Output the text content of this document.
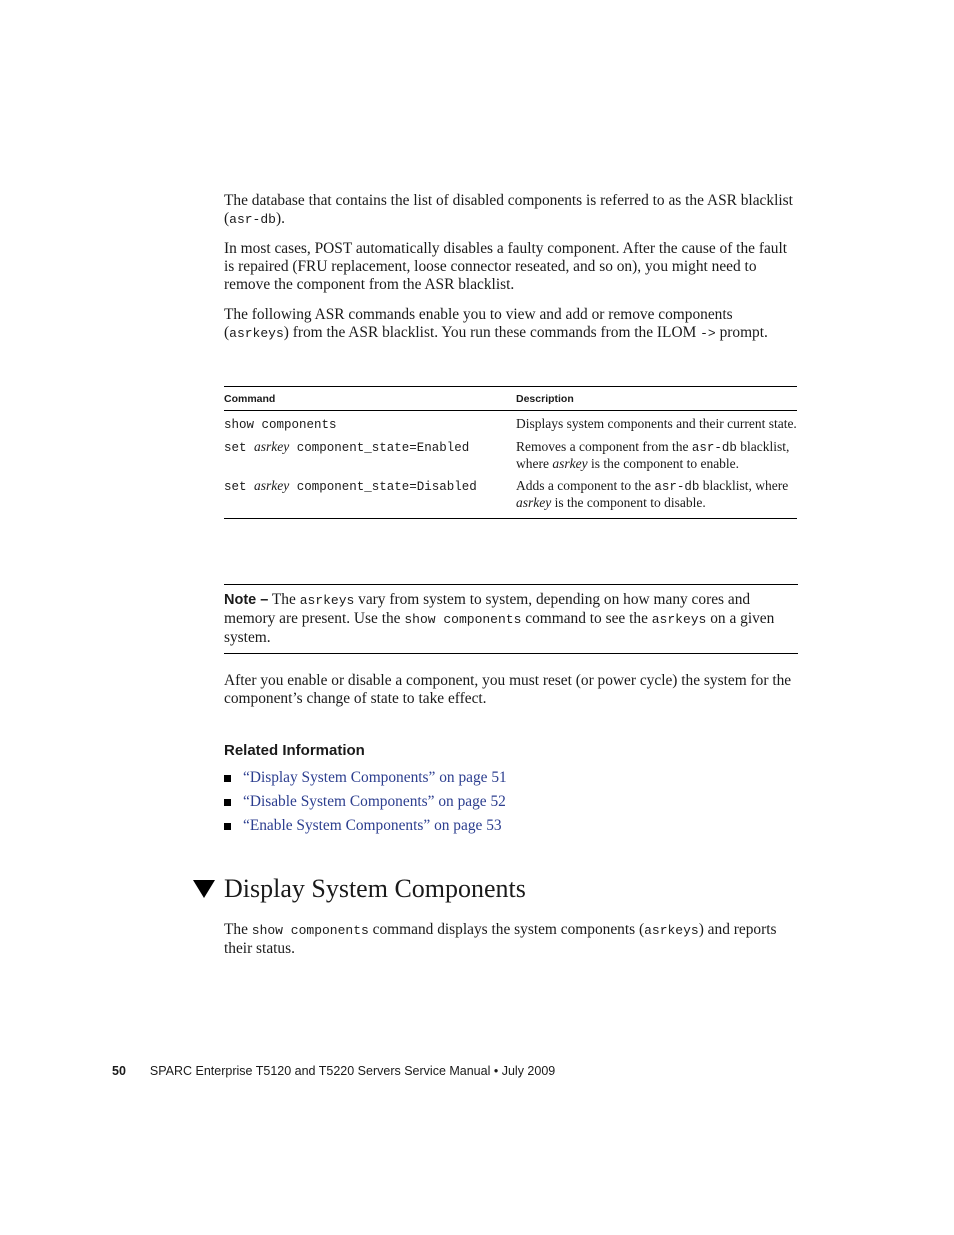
The database that contains the list of disabled components is referred to as the ASR blacklist (asr-db).

In most cases, POST automatically disables a faulty component. After the cause of the fault is repaired (FRU replacement, loose connector reseated, and so on), you might need to remove the component from the ASR blacklist.

The following ASR commands enable you to view and add or remove components (asrkeys) from the ASR blacklist. You run these commands from the ILOM -> prompt.

Command	Description
show components	Displays system components and their current state.
set asrkey component_state=Enabled	Removes a component from the asr-db blacklist, where asrkey is the component to enable.
set asrkey component_state=Disabled	Adds a component to the asr-db blacklist, where asrkey is the component to disable.
Note – The asrkeys vary from system to system, depending on how many cores and memory are present. Use the show components command to see the asrkeys on a given system.

After you enable or disable a component, you must reset (or power cycle) the system for the component’s change of state to take effect.

Related Information
“Display System Components” on page 51
“Disable System Components” on page 52
“Enable System Components” on page 53
Display System Components

The show components command displays the system components (asrkeys) and reports their status.

50 SPARC Enterprise T5120 and T5220 Servers Service Manual • July 2009
